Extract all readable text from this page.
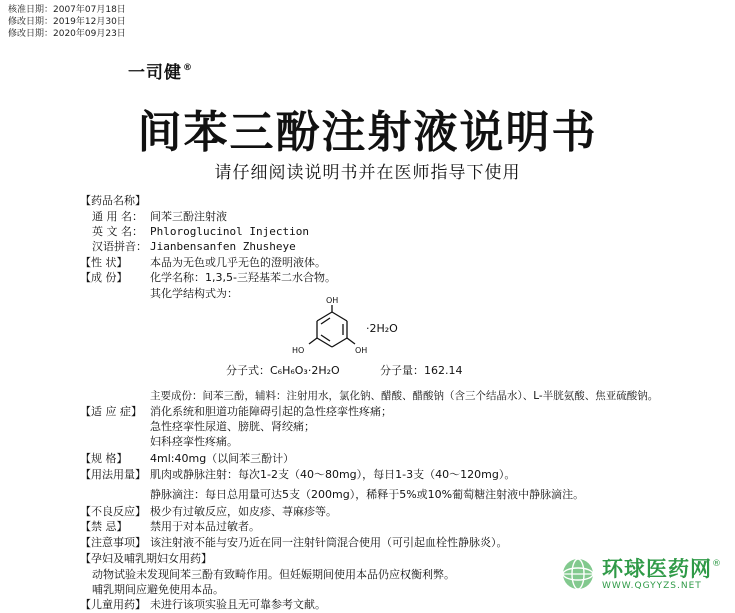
核准日期：2007年07月18日
修改日期：2019年12月30日
修改日期：2020年09月23日
一司健®
间苯三酚注射液说明书
请仔细阅读说明书并在医师指导下使用
【药品名称】
通 用 名： 间苯三酚注射液
英 文 名： Phloroglucinol Injection
汉语拼音： Jianbensanfen Zhusheye
【性 状】 本品为无色或几乎无色的澄明液体。
【成 份】 化学名称：1,3,5-三羟基苯二水合物。
其化学结构式为：
OH
HO	OH
·2H₂O
分子式：C₆H₆O₃·2H₂O	分子量：162.14
主要成份：间苯三酚，辅料：注射用水，氯化钠、醋酸、醋酸钠（含三个结晶水）、L-半胱氨酸、焦亚硫酸钠。
【适 应 症】 消化系统和胆道功能障碍引起的急性痉挛性疼痛；
急性痉挛性尿道、膀胱、肾绞痛；
妇科痉挛性疼痛。
【规 格】 4ml:40mg（以间苯三酚计）
【用法用量】 肌肉或静脉注射：每次1-2支（40～80mg），每日1-3支（40～120mg）。
静脉滴注：每日总用量可达5支（200mg），稀释于5%或10%葡萄糖注射液中静脉滴注。
【不良反应】 极少有过敏反应，如皮疹、荨麻疹等。
【禁 忌】 禁用于对本品过敏者。
【注意事项】 该注射液不能与安乃近在同一注射针筒混合使用（可引起血栓性静脉炎）。
【孕妇及哺乳期妇女用药】
动物试验未发现间苯三酚有致畸作用。但妊娠期间使用本品仍应权衡利弊。
哺乳期间应避免使用本品。
【儿童用药】 未进行该项实验且无可靠参考文献。
环球医药网®
WWW.QGYYZS.NET
